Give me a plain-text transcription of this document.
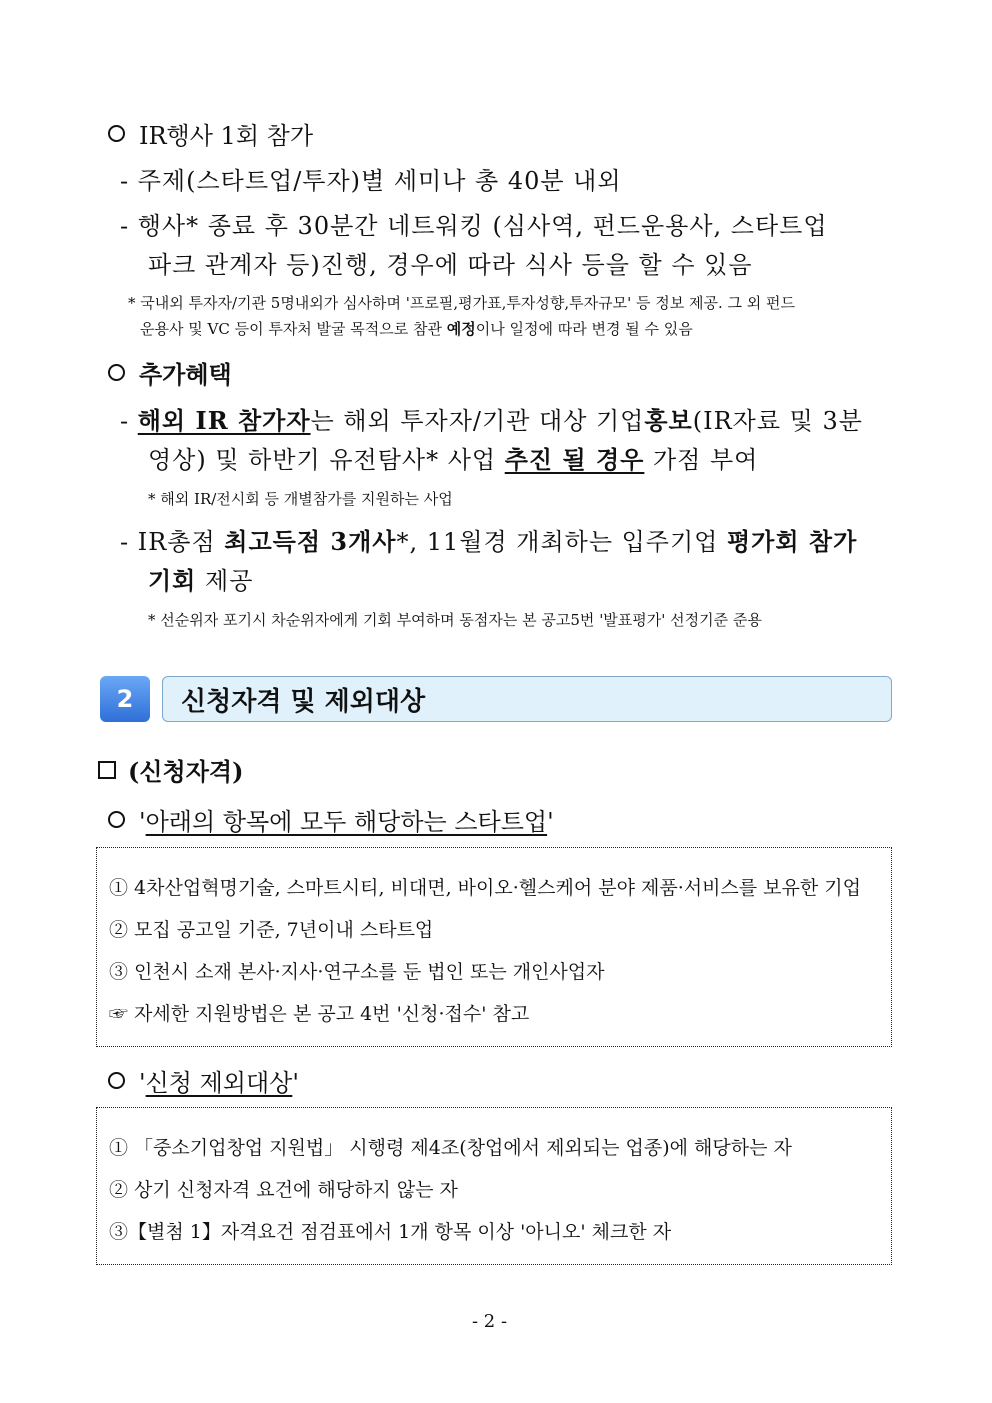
IR행사 1회 참가
- 주제(스타트업/투자)별 세미나 총 40분 내외
- 행사* 종료 후 30분간 네트워킹 (심사역, 펀드운용사, 스타트업
파크 관계자 등)진행, 경우에 따라 식사 등을 할 수 있음
* 국내외 투자자/기관 5명내외가 심사하며 '프로필,평가표,투자성향,투자규모' 등 정보 제공. 그 외 펀드
운용사 및 VC 등이 투자처 발굴 목적으로 참관 예정이나 일정에 따라 변경 될 수 있음
추가혜택
- 해외 IR 참가자는 해외 투자자/기관 대상 기업홍보(IR자료 및 3분
영상) 및 하반기 유전탐사* 사업 추진 될 경우 가점 부여
* 해외 IR/전시회 등 개별참가를 지원하는 사업
- IR총점 최고득점 3개사*, 11월경 개최하는 입주기업 평가회 참가
기회 제공
* 선순위자 포기시 차순위자에게 기회 부여하며 동점자는 본 공고5번 '발표평가' 선정기준 준용
2	신청자격 및 제외대상
(신청자격)
'아래의 항목에 모두 해당하는 스타트업'
① 4차산업혁명기술, 스마트시티, 비대면, 바이오·헬스케어 분야 제품·서비스를 보유한 기업
② 모집 공고일 기준, 7년이내 스타트업
③ 인천시 소재 본사·지사·연구소를 둔 법인 또는 개인사업자
☞ 자세한 지원방법은 본 공고 4번 '신청·접수' 참고
'신청 제외대상'
① 「중소기업창업 지원법」 시행령 제4조(창업에서 제외되는 업종)에 해당하는 자
② 상기 신청자격 요건에 해당하지 않는 자
③【별첨 1】자격요건 점검표에서 1개 항목 이상 '아니오' 체크한 자
- 2 -
